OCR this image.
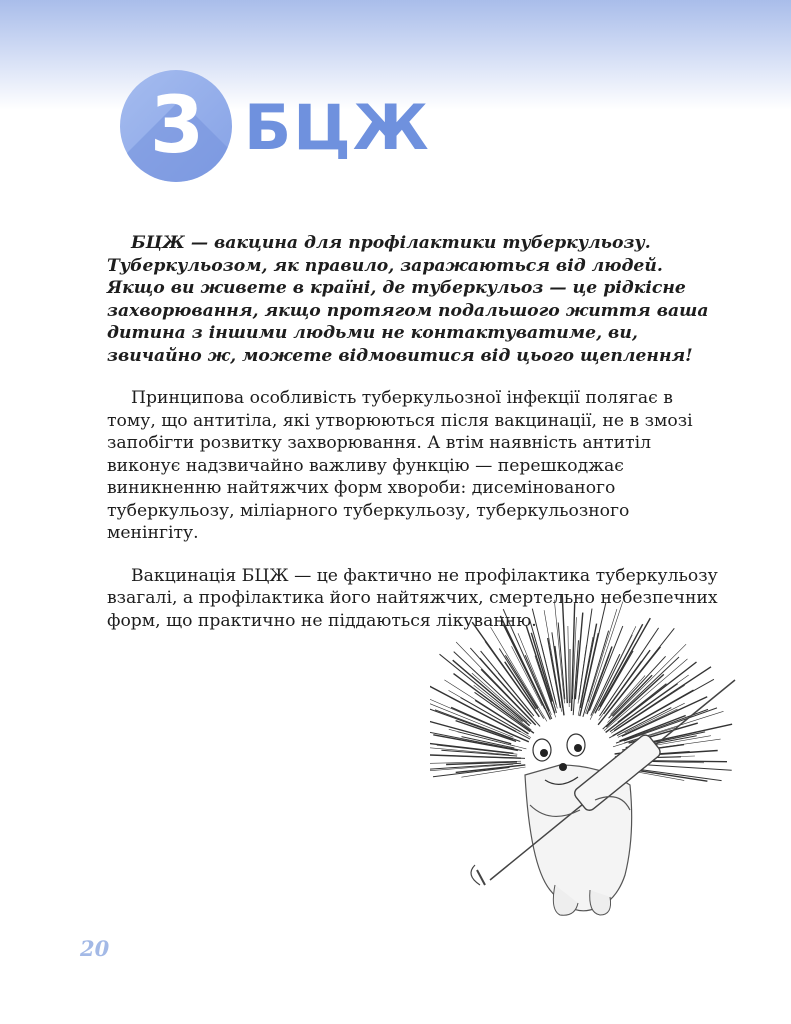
3 БЦЖ

БЦЖ — вакцина для профілактики туберкульозу. Туберкульозом, як правило, заражаються від людей. Якщо ви живете в країні, де туберкульоз — це рідкісне захворювання, якщо протягом подальшого життя ваша дитина з іншими людьми не контактуватиме, ви, звичайно ж, можете відмовитися від цього щеплення!

Принципова особливість туберкульозної інфекції полягає в тому, що антитіла, які утворюються після вакцинації, не в змозі запобігти розвитку захворювання. А втім наявність антитіл виконує надзвичайно важливу функцію — перешкоджає виникненню найтяжчих форм хвороби: дисемінованого туберкульозу, міліарного туберкульозу, туберкульозного менінгіту.

Вакцинація БЦЖ — це фактично не профілактика туберкульозу взагалі, а профілактика його найтяжчих, смертельно небезпечних форм, що практично не піддаються лікуванню.

20
